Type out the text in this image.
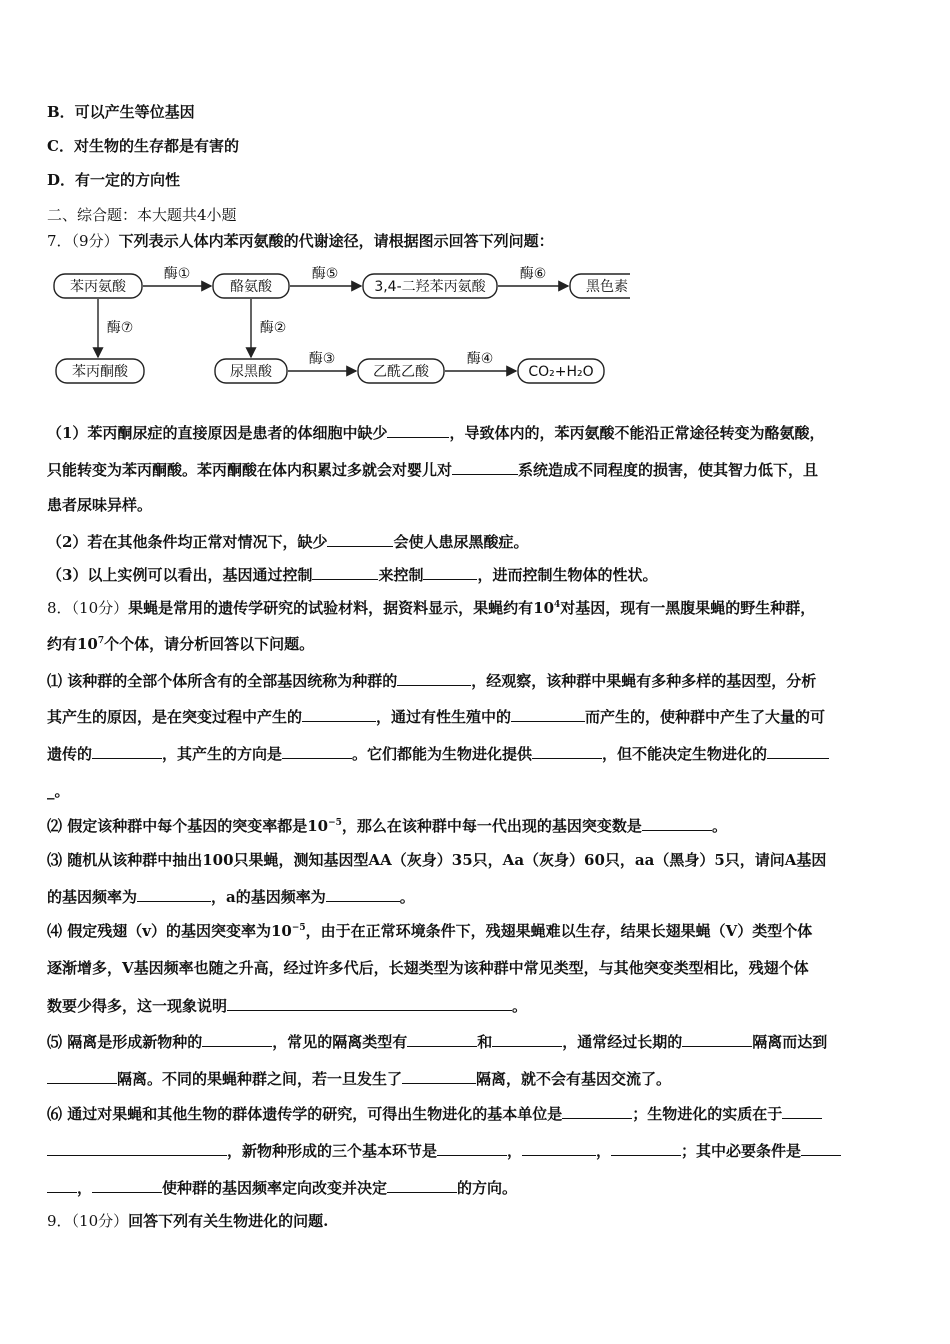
B．可以产生等位基因
C．对生物的生存都是有害的
D．有一定的方向性
二、综合题：本大题共4小题
7．（9分）下列表示人体内苯丙氨酸的代谢途径，请根据图示回答下列问题：
苯丙氨酸	酪氨酸	3,4-二羟苯丙氨酸	黑色素
苯丙酮酸	尿黑酸	乙酰乙酸	CO₂+H₂O
酶①	酶⑤	酶⑥
酶⑦	酶②
酶③	酶④
（1）苯丙酮尿症的直接原因是患者的体细胞中缺少	，导致体内的，苯丙氨酸不能沿正常途径转变为酪氨酸，
只能转变为苯丙酮酸。苯丙酮酸在体内积累过多就会对婴儿对	系统造成不同程度的损害，使其智力低下，且
患者尿味异样。
（2）若在其他条件均正常对情况下，缺少	会使人患尿黑酸症。
（3）以上实例可以看出，基因通过控制	来控制	，进而控制生物体的性状。
8．（10分）果蝇是常用的遗传学研究的试验材料，据资料显示，果蝇约有$10^4$对基因，现有一黑腹果蝇的野生种群，
约有$10^7$个个体，请分析回答以下问题。
⑴ 该种群的全部个体所含有的全部基因统称为种群的	，经观察，该种群中果蝇有多种多样的基因型，分析
其产生的原因，是在突变过程中产生的	，通过有性生殖中的	而产生的，使种群中产生了大量的可
遗传的	，其产生的方向是	。它们都能为生物进化提供	，但不能决定生物进化的
_。
⑵ 假定该种群中每个基因的突变率都是$10^{-5}$，那么在该种群中每一代出现的基因突变数是	。
⑶ 随机从该种群中抽出100只果蝇，测知基因型AA（灰身）35只，Aa（灰身）60只，aa（黑身）5只，请问A基因
的基因频率为	，a的基因频率为	。
⑷ 假定残翅（v）的基因突变率为$10^{-5}$，由于在正常环境条件下，残翅果蝇难以生存，结果长翅果蝇（V）类型个体
逐渐增多，V基因频率也随之升高，经过许多代后，长翅类型为该种群中常见类型，与其他突变类型相比，残翅个体
数要少得多，这一现象说明	。
⑸ 隔离是形成新物种的	，常见的隔离类型有	和	，通常经过长期的	隔离而达到
隔离。不同的果蝇种群之间，若一旦发生了	隔离，就不会有基因交流了。
⑹ 通过对果蝇和其他生物的群体遗传学的研究，可得出生物进化的基本单位是	；生物进化的实质在于
，新物种形成的三个基本环节是	，	，	；其中必要条件是
，	使种群的基因频率定向改变并决定	的方向。
9．（10分）回答下列有关生物进化的问题.
